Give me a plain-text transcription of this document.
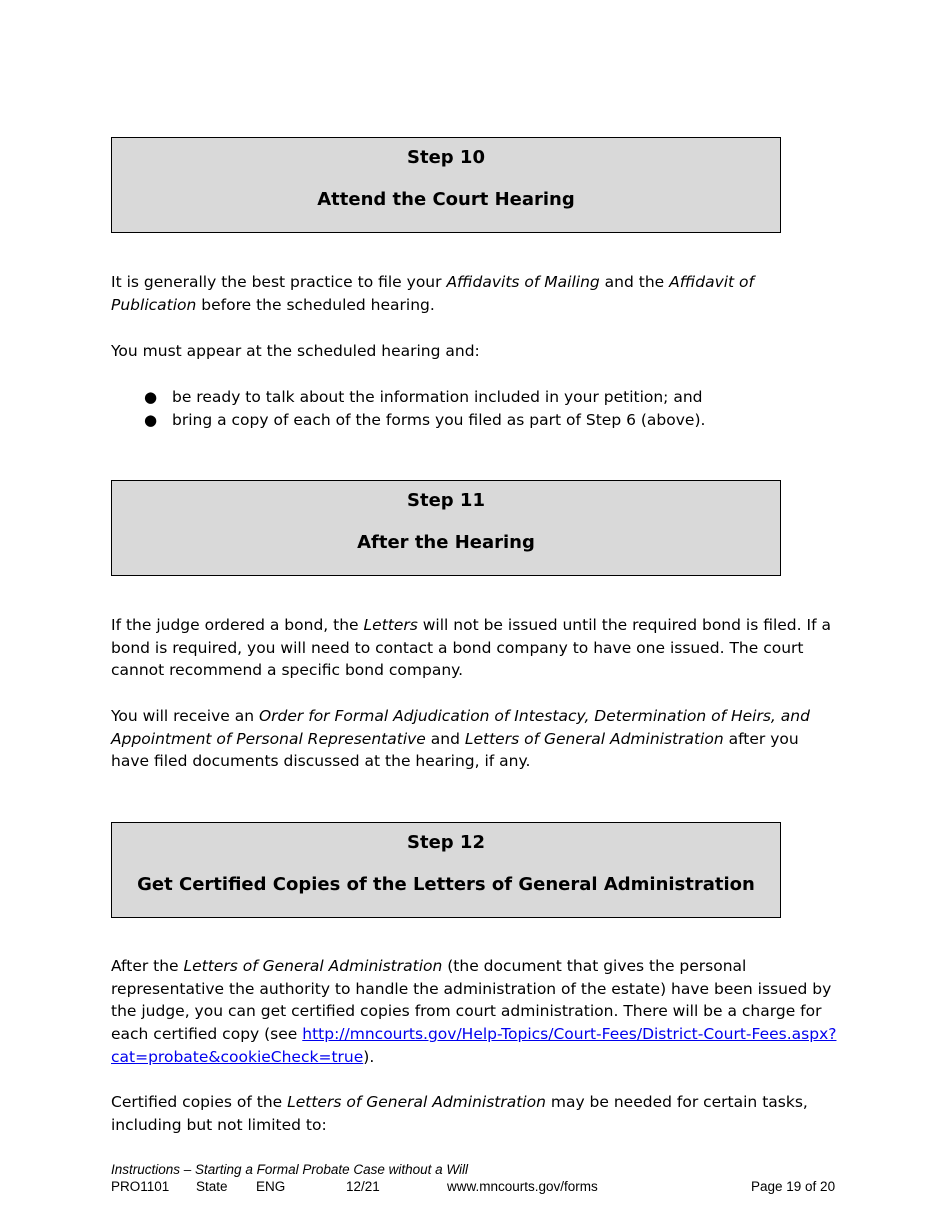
Step 10
Attend the Court Hearing
It is generally the best practice to file your Affidavits of Mailing and the Affidavit of Publication before the scheduled hearing.
You must appear at the scheduled hearing and:
● be ready to talk about the information included in your petition; and
● bring a copy of each of the forms you filed as part of Step 6 (above).
Step 11
After the Hearing
If the judge ordered a bond, the Letters will not be issued until the required bond is filed. If a bond is required, you will need to contact a bond company to have one issued. The court cannot recommend a specific bond company.
You will receive an Order for Formal Adjudication of Intestacy, Determination of Heirs, and Appointment of Personal Representative and Letters of General Administration after you have filed documents discussed at the hearing, if any.
Step 12
Get Certified Copies of the Letters of General Administration
After the Letters of General Administration (the document that gives the personal representative the authority to handle the administration of the estate) have been issued by the judge, you can get certified copies from court administration. There will be a charge for each certified copy (see http://mncourts.gov/Help-Topics/Court-Fees/District-Court-Fees.aspx?cat=probate&cookieCheck=true).
Certified copies of the Letters of General Administration may be needed for certain tasks, including but not limited to:
Instructions – Starting a Formal Probate Case without a Will
PRO1101 State ENG	12/21	www.mncourts.gov/forms	Page 19 of 20
